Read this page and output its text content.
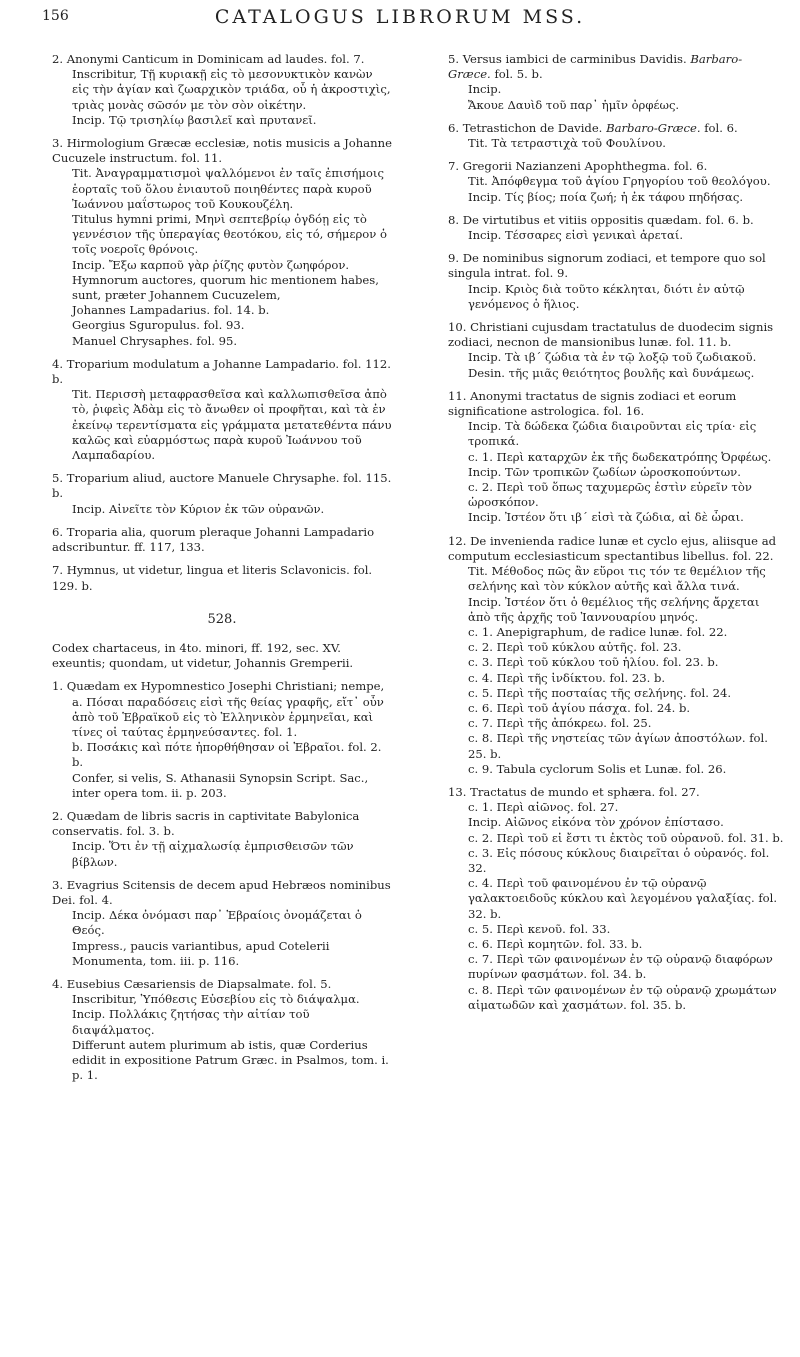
156	CATALOGUS LIBRORUM MSS.

2. Anonymi Canticum in Dominicam ad laudes. fol. 7.

Inscribitur, Τῇ κυριακῇ εἰς τὸ μεσονυκτικὸν κανὼν εἰς τὴν ἁγίαν καὶ ζωαρχικὸν τριάδα, οὗ ἡ ἀκροστιχὶς, τριὰς μονὰς σῶσόν με τὸν σὸν οἰκέτην.

Incip. Τῷ τρισηλίῳ βασιλεῖ καὶ πρυτανεῖ.

3. Hirmologium Græcæ ecclesiæ, notis musicis a Johanne Cucuzele instructum. fol. 11.

Tit. Ἀναγραμματισμοὶ ψαλλόμενοι ἐν ταῖς ἐπισήμοις ἑορταῖς τοῦ ὅλου ἐνιαυτοῦ ποιηθέντες παρὰ κυροῦ Ἰωάννου μαΐστωρος τοῦ Κουκουζέλη.

Titulus hymni primi, Μηνὶ σεπτεβρίῳ ὀγδόῃ εἰς τὸ γεννέσιον τῆς ὑπεραγίας θεοτόκου, εἰς τό, σήμερον ὁ τοῖς νοεροῖς θρόνοις.

Incip. Ἔξω καρποῦ γὰρ ῥίζης φυτὸν ζωηφόρον.

Hymnorum auctores, quorum hic mentionem habes, sunt, præter Johannem Cucuzelem,

Johannes Lampadarius. fol. 14. b.

Georgius Sguropulus. fol. 93.

Manuel Chrysaphes. fol. 95.

4. Troparium modulatum a Johanne Lampadario. fol. 112. b.

Tit. Περισσὴ μεταφρασθεῖσα καὶ καλλωπισθεῖσα ἀπὸ τὸ, ῥιφεὶς Ἀδὰμ εἰς τὸ ἄνωθεν οἱ προφῆται, καὶ τὰ ἐν ἐκείνῳ τερεντίσματα εἰς γράμματα μετατεθέντα πάνυ καλῶς καὶ εὐαρμόστως παρὰ κυροῦ Ἰωάννου τοῦ Λαμπαδαρίου.

5. Troparium aliud, auctore Manuele Chrysaphe. fol. 115. b.

Incip. Αἰνεῖτε τὸν Κύριον ἐκ τῶν οὐρανῶν.

6. Troparia alia, quorum pleraque Johanni Lampadario adscribuntur. ff. 117, 133.

7. Hymnus, ut videtur, lingua et literis Sclavonicis. fol. 129. b.

528.

Codex chartaceus, in 4to. minori, ff. 192, sec. XV. exeuntis; quondam, ut videtur, Johannis Gremperii.

1. Quædam ex Hypomnestico Josephi Christiani; nempe,

a. Πόσαι παραδόσεις εἰσὶ τῆς θείας γραφῆς, εἴτ᾽ οὖν ἀπὸ τοῦ Ἑβραϊκοῦ εἰς τὸ Ἑλληνικὸν ἑρμηνεῖαι, καὶ τίνες οἱ ταύτας ἑρμηνεύσαντες. fol. 1.

b. Ποσάκις καὶ πότε ἠπορθήθησαν οἱ Ἑβραῖοι. fol. 2. b.

Confer, si velis, S. Athanasii Synopsin Script. Sac., inter opera tom. ii. p. 203.

2. Quædam de libris sacris in captivitate Babylonica conservatis. fol. 3. b.

Incip. Ὅτι ἐν τῇ αἰχμαλωσίᾳ ἐμπρισθεισῶν τῶν βίβλων.

3. Evagrius Scitensis de decem apud Hebræos nominibus Dei. fol. 4.

Incip. Δέκα ὀνόμασι παρ᾽ Ἑβραίοις ὀνομάζεται ὁ Θεός.

Impress., paucis variantibus, apud Cotelerii Monumenta, tom. iii. p. 116.

4. Eusebius Cæsariensis de Diapsalmate. fol. 5.

Inscribitur, Ὑπόθεσις Εὐσεβίου εἰς τὸ διάψαλμα.

Incip. Πολλάκις ζητήσας τὴν αἰτίαν τοῦ διαψάλματος.

Differunt autem plurimum ab istis, quæ Corderius edidit in expositione Patrum Græc. in Psalmos, tom. i. p. 1.

5. Versus iambici de carminibus Davidis. Barbaro-Græce. fol. 5. b.

Incip.

Ἄκουε Δαυὶδ τοῦ παρ᾽ ἡμῖν ὀρφέως.

6. Tetrastichon de Davide. Barbaro-Græce. fol. 6.

Tit. Τὰ τετραστιχὰ τοῦ Φουλίνου.

7. Gregorii Nazianzeni Apophthegma. fol. 6.

Tit. Ἀπόφθεγμα τοῦ ἁγίου Γρηγορίου τοῦ θεολόγου.

Incip. Τίς βίος; ποία ζωή; ἡ ἐκ τάφου πηδήσας.

8. De virtutibus et vitiis oppositis quædam. fol. 6. b.

Incip. Τέσσαρες εἰσὶ γενικαὶ ἀρεταί.

9. De nominibus signorum zodiaci, et tempore quo sol singula intrat. fol. 9.

Incip. Κριὸς διὰ τοῦτο κέκληται, διότι ἐν αὐτῷ γενόμενος ὁ ἥλιος.

10. Christiani cujusdam tractatulus de duodecim signis zodiaci, necnon de mansionibus lunæ. fol. 11. b.

Incip. Τὰ ιβ´ ζώδια τὰ ἐν τῷ λοξῷ τοῦ ζωδιακοῦ.

Desin. τῆς μιᾶς θειότητος βουλῆς καὶ δυνάμεως.

11. Anonymi tractatus de signis zodiaci et eorum significatione astrologica. fol. 16.

Incip. Τὰ δώδεκα ζώδια διαιροῦνται εἰς τρία· εἰς τροπικά.

c. 1. Περὶ καταρχῶν ἐκ τῆς δωδεκατρόπης Ὀρφέως.

Incip. Τῶν τροπικῶν ζωδίων ὡροσκοπούντων.

c. 2. Περὶ τοῦ ὅπως ταχυμερῶς ἐστὶν εὑρεῖν τὸν ὡροσκόπον.

Incip. Ἰστέον ὅτι ιβ´ εἰσὶ τὰ ζώδια, αἱ δὲ ὧραι.

12. De invenienda radice lunæ et cyclo ejus, aliisque ad computum ecclesiasticum spectantibus libellus. fol. 22.

Tit. Μέθοδος πῶς ἂν εὕροι τις τόν τε θεμέλιον τῆς σελήνης καὶ τὸν κύκλον αὐτῆς καὶ ἄλλα τινά.

Incip. Ἰστέον ὅτι ὁ θεμέλιος τῆς σελήνης ἄρχεται ἀπὸ τῆς ἀρχῆς τοῦ Ἰαννουαρίου μηνός.

c. 1. Anepigraphum, de radice lunæ. fol. 22.

c. 2. Περὶ τοῦ κύκλου αὐτῆς. fol. 23.

c. 3. Περὶ τοῦ κύκλου τοῦ ἡλίου. fol. 23. b.

c. 4. Περὶ τῆς ἰνδίκτου. fol. 23. b.

c. 5. Περὶ τῆς ποσταίας τῆς σελήνης. fol. 24.

c. 6. Περὶ τοῦ ἁγίου πάσχα. fol. 24. b.

c. 7. Περὶ τῆς ἀπόκρεω. fol. 25.

c. 8. Περὶ τῆς νηστείας τῶν ἁγίων ἀποστόλων. fol. 25. b.

c. 9. Tabula cyclorum Solis et Lunæ. fol. 26.

13. Tractatus de mundo et sphæra. fol. 27.

c. 1. Περὶ αἰῶνος. fol. 27.

Incip. Αἰῶνος εἰκόνα τὸν χρόνον ἐπίστασο.

c. 2. Περὶ τοῦ εἰ ἔστι τι ἐκτὸς τοῦ οὐρανοῦ. fol. 31. b.

c. 3. Εἰς πόσους κύκλους διαιρεῖται ὁ οὐρανός. fol. 32.

c. 4. Περὶ τοῦ φαινομένου ἐν τῷ οὐρανῷ γαλακτοειδοῦς κύκλου καὶ λεγομένου γαλαξίας. fol. 32. b.

c. 5. Περὶ κενοῦ. fol. 33.

c. 6. Περὶ κομητῶν. fol. 33. b.

c. 7. Περὶ τῶν φαινομένων ἐν τῷ οὐρανῷ διαφόρων πυρίνων φασμάτων. fol. 34. b.

c. 8. Περὶ τῶν φαινομένων ἐν τῷ οὐρανῷ χρωμάτων αἱματωδῶν καὶ χασμάτων. fol. 35. b.
